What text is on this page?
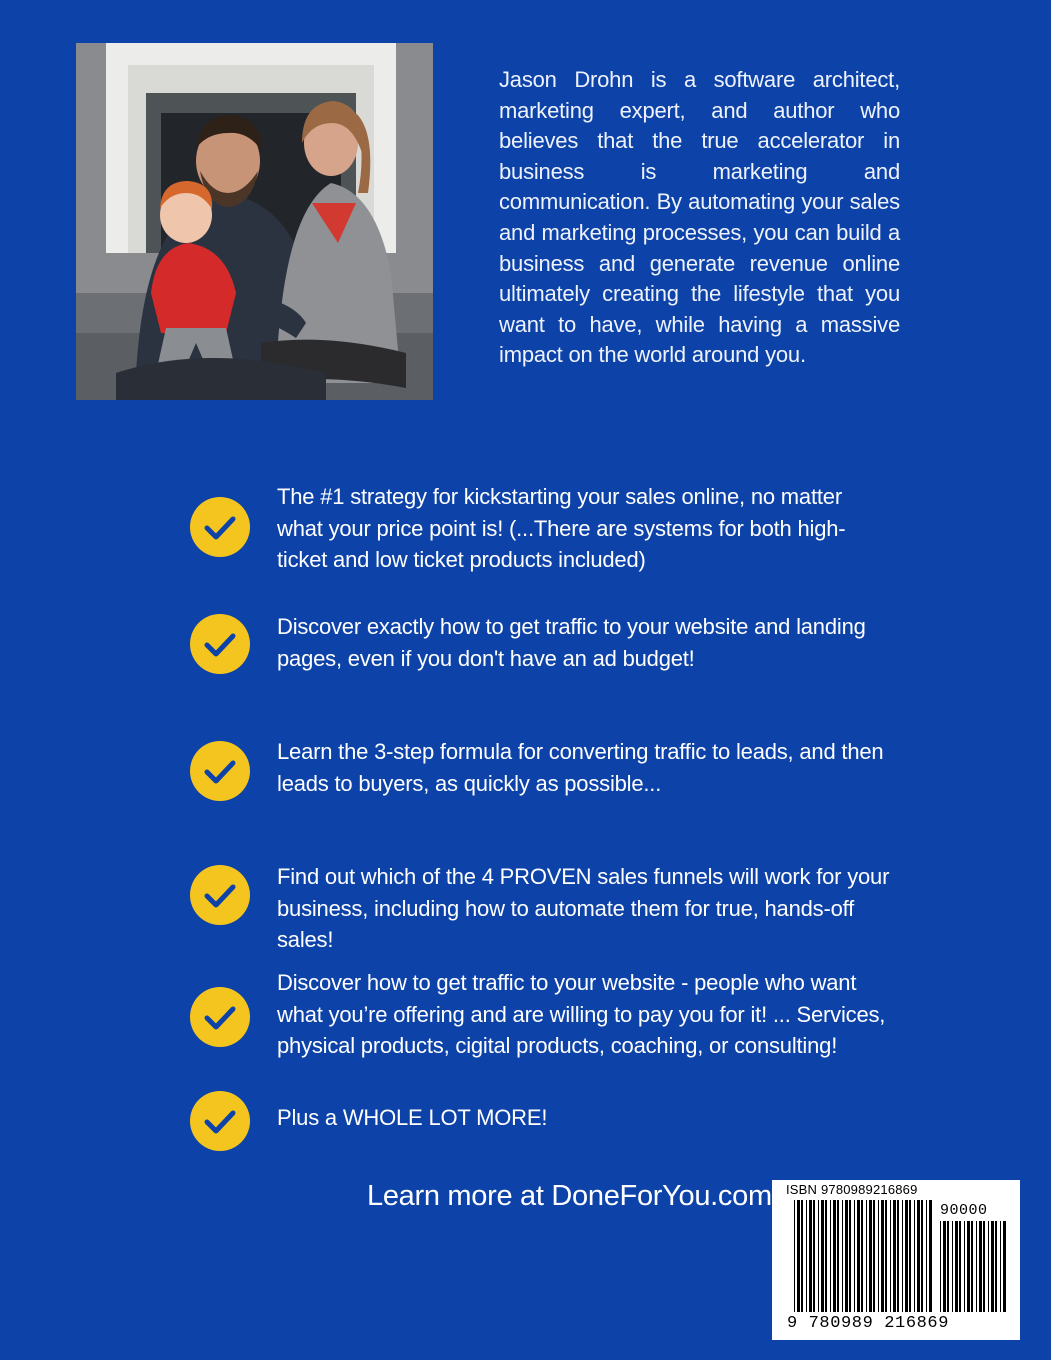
Jason Drohn is a software architect, marketing expert, and author who believes that the true accelerator in business is marketing and communication. By automating your sales and marketing processes, you can build a business and generate revenue online ultimately creating the lifestyle that you want to have, while having a massive impact on the world around you.
The #1 strategy for kickstarting your sales online, no matter what your price point is! (...There are systems for both high-ticket and low ticket products included)
Discover exactly how to get traffic to your website and landing pages, even if you don't have an ad budget!
Learn the 3-step formula for converting traffic to leads, and then leads to buyers, as quickly as possible...
Find out which of the 4 PROVEN sales funnels will work for your business, including how to automate them for true, hands-off sales!
Discover how to get traffic to your website - people who want what you’re offering and are willing to pay you for it! ... Services, physical products, cigital products, coaching, or consulting!
Plus a WHOLE LOT MORE!
Learn more at DoneForYou.com ISBN 9780989216869
90000
9 780989 216869
